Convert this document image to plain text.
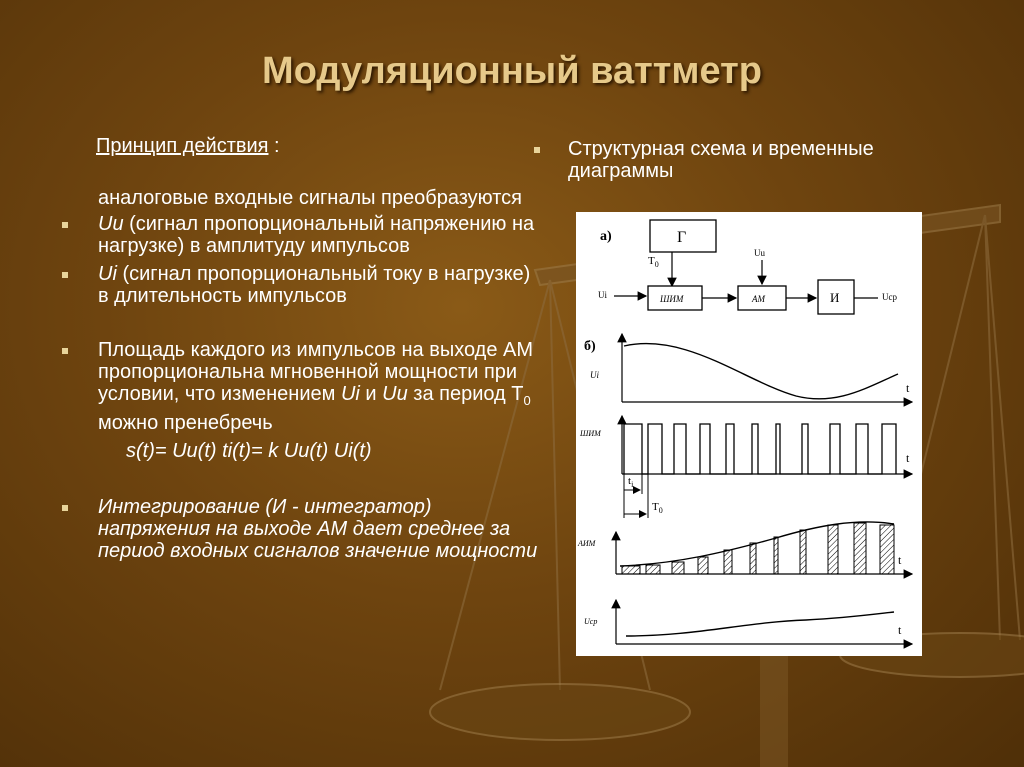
Модуляционный ваттметр
Принцип действия :
аналоговые входные сигналы преобразуются
Uu (сигнал пропорциональный напряжению на нагрузке) в амплитуду импульсов
Ui (сигнал пропорциональный току в нагрузке) в длительность импульсов
Площадь каждого из импульсов на выходе АМ пропорциональна мгновенной мощности при условии, что изменением Ui и Uu за период $Т_0$ можно пренебречь
s(t)= Uu(t) ti(t)= k Uu(t) Ui(t)
Интегрирование (И - интегратор) напряжения на выходе АМ дает среднее за период входных сигналов значение мощности
Структурная схема и временные диаграммы
а)	Г
$T_0$
Ui	ШИМ	АМ
Uu
И	Uср
б)
Ui
t
ШИМ
t
$t_i$
$T_0$
АИМ
t
Uср
t
